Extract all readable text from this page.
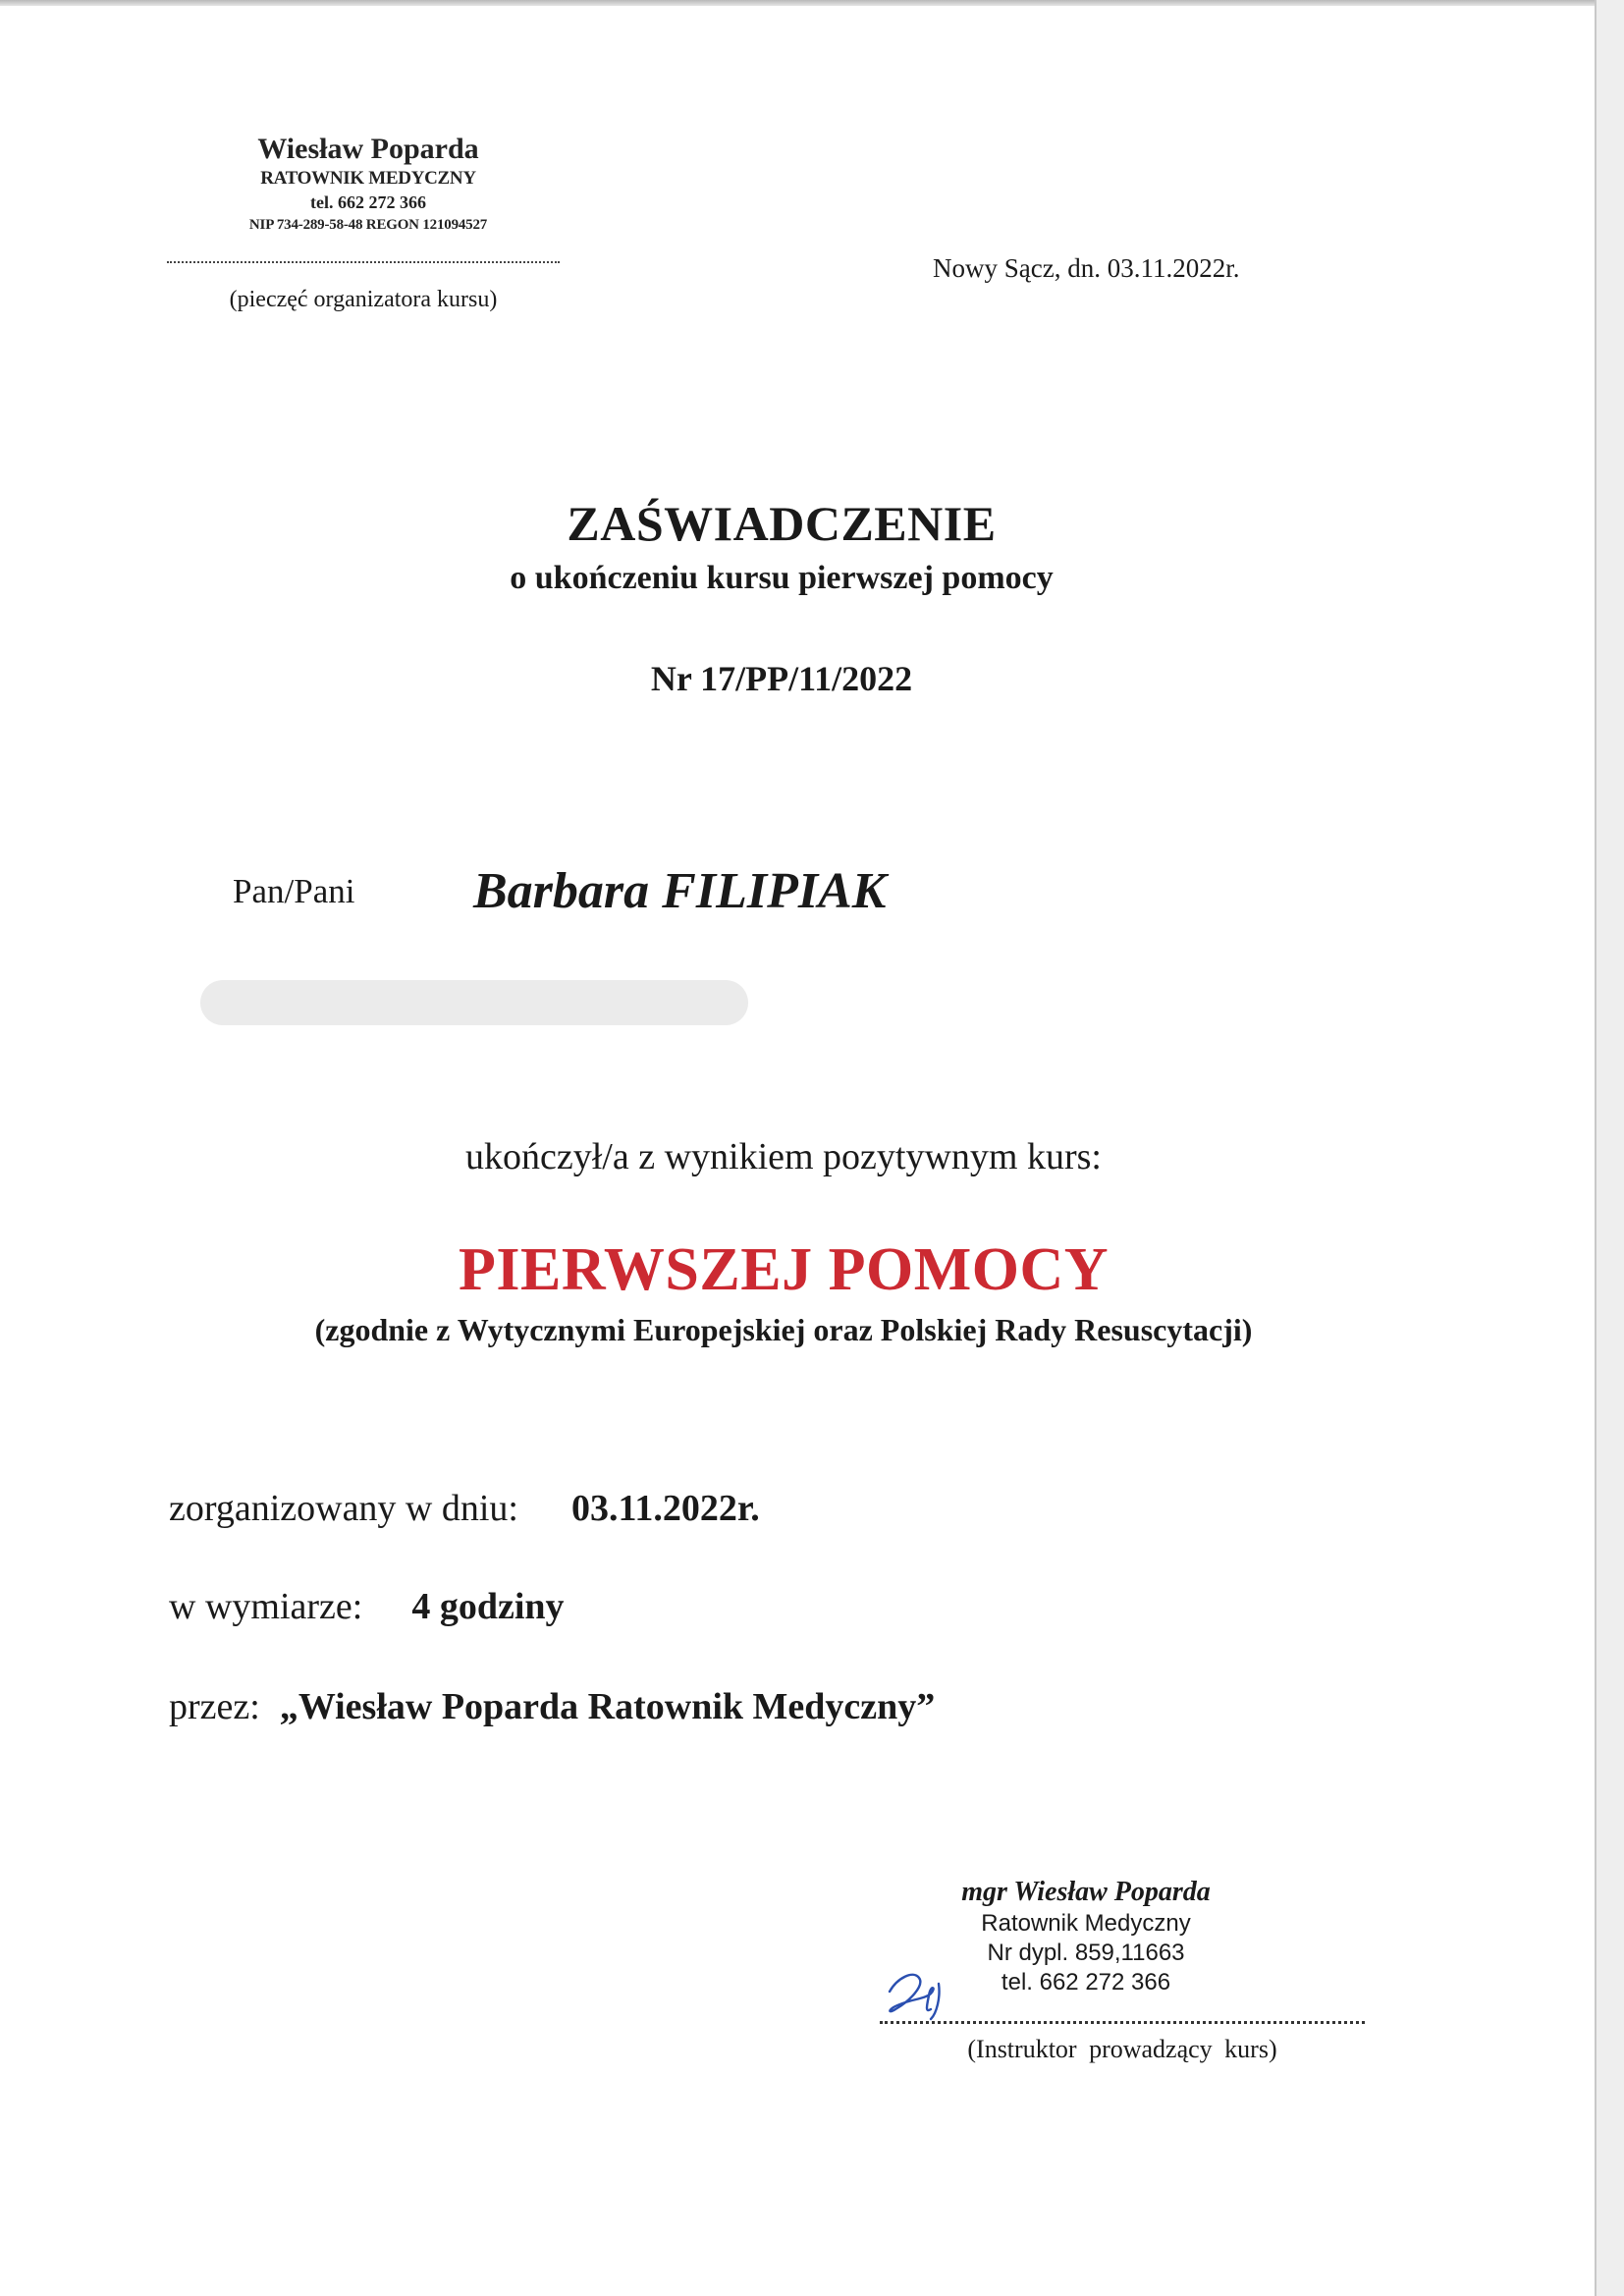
Wiesław Poparda
RATOWNIK MEDYCZNY
tel. 662 272 366
NIP 734-289-58-48 REGON 121094527
(pieczęć organizatora kursu)
Nowy Sącz, dn. 03.11.2022r.
ZAŚWIADCZENIE
o ukończeniu kursu pierwszej pomocy
Nr 17/PP/11/2022
Pan/Pani Barbara FILIPIAK
ukończył/a z wynikiem pozytywnym kurs:
PIERWSZEJ POMOCY
(zgodnie z Wytycznymi Europejskiej oraz Polskiej Rady Resuscytacji)
zorganizowany w dniu: 03.11.2022r.
w wymiarze: 4 godziny
przez: „Wiesław Poparda Ratownik Medyczny”
mgr Wiesław Poparda
Ratownik Medyczny
Nr dypl. 859,11663
tel. 662 272 366
(Instruktor prowadzący kurs)
